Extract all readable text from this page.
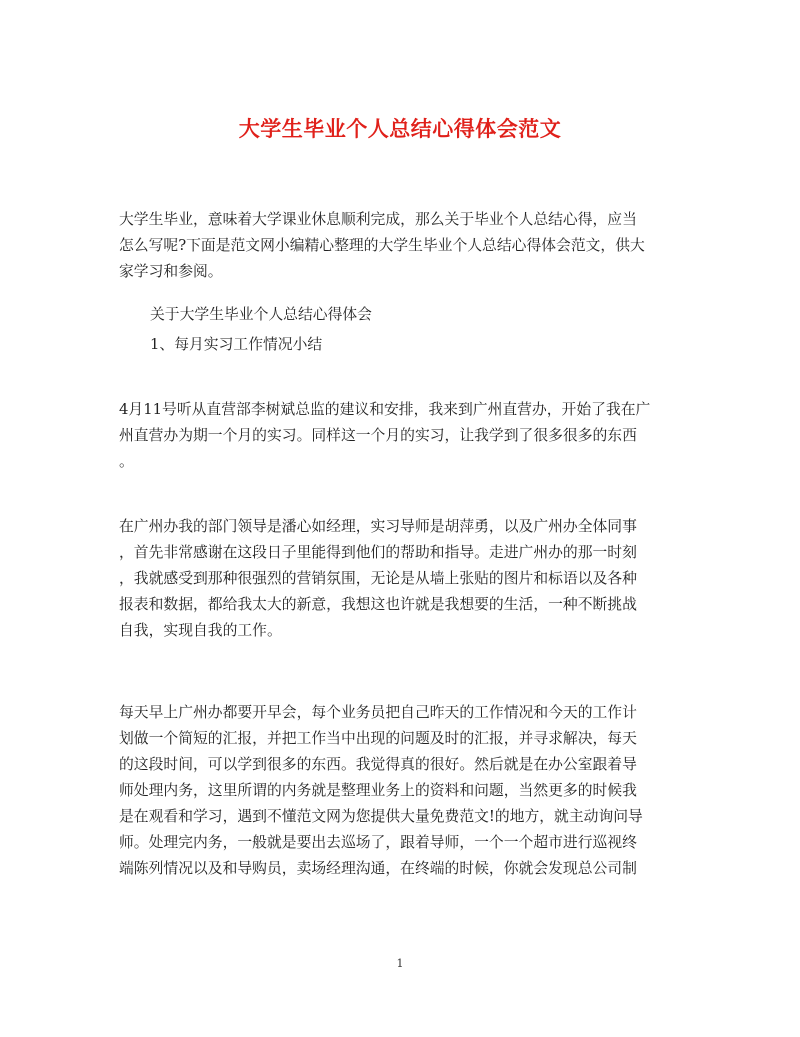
大学生毕业个人总结心得体会范文
大学生毕业，意味着大学课业休息顺利完成，那么关于毕业个人总结心得，应当
怎么写呢?下面是范文网小编精心整理的大学生毕业个人总结心得体会范文，供大
家学习和参阅。
关于大学生毕业个人总结心得体会
1、每月实习工作情况小结
4月11号听从直营部李树斌总监的建议和安排，我来到广州直营办，开始了我在广
州直营办为期一个月的实习。同样这一个月的实习，让我学到了很多很多的东西
。
在广州办我的部门领导是潘心如经理，实习导师是胡萍勇，以及广州办全体同事
，首先非常感谢在这段日子里能得到他们的帮助和指导。走进广州办的那一时刻
，我就感受到那种很强烈的营销氛围，无论是从墙上张贴的图片和标语以及各种
报表和数据，都给我太大的新意，我想这也许就是我想要的生活，一种不断挑战
自我，实现自我的工作。
每天早上广州办都要开早会，每个业务员把自己昨天的工作情况和今天的工作计
划做一个简短的汇报，并把工作当中出现的问题及时的汇报，并寻求解决，每天
的这段时间，可以学到很多的东西。我觉得真的很好。然后就是在办公室跟着导
师处理内务，这里所谓的内务就是整理业务上的资料和问题，当然更多的时候我
是在观看和学习，遇到不懂范文网为您提供大量免费范文!的地方，就主动询问导
师。处理完内务，一般就是要出去巡场了，跟着导师，一个一个超市进行巡视终
端陈列情况以及和导购员，卖场经理沟通，在终端的时候，你就会发现总公司制
1
